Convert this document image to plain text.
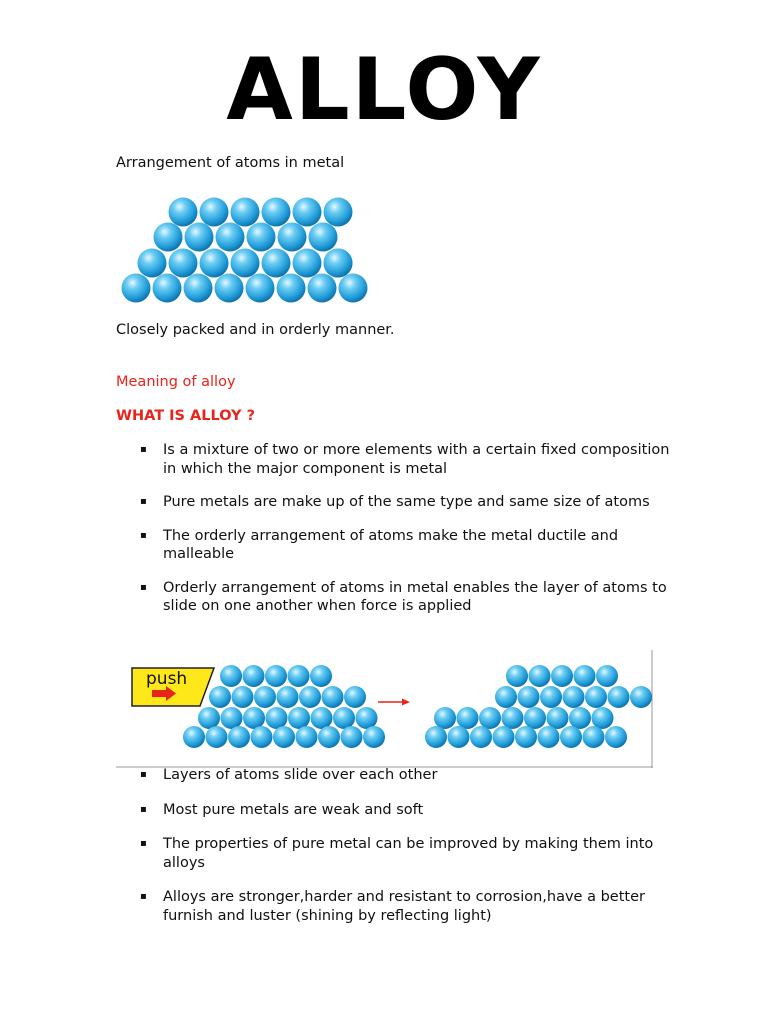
ALLOY
Arrangement of atoms in metal
Closely packed and in orderly manner.
Meaning of alloy
WHAT IS ALLOY ?
▪ Is a mixture of two or more elements with a certain fixed composition in which the major component is metal
▪ Pure metals are make up of the same type and same size of atoms
▪ The orderly arrangement of atoms make the metal ductile and malleable
▪ Orderly arrangement of atoms in metal enables the layer of atoms to slide on one another when force is applied
push
▪ Layers of atoms slide over each other
▪ Most pure metals are weak and soft
▪ The properties of pure metal can be improved by making them into alloys
▪ Alloys are stronger,harder and resistant to corrosion,have a better furnish and luster (shining by reflecting light)
